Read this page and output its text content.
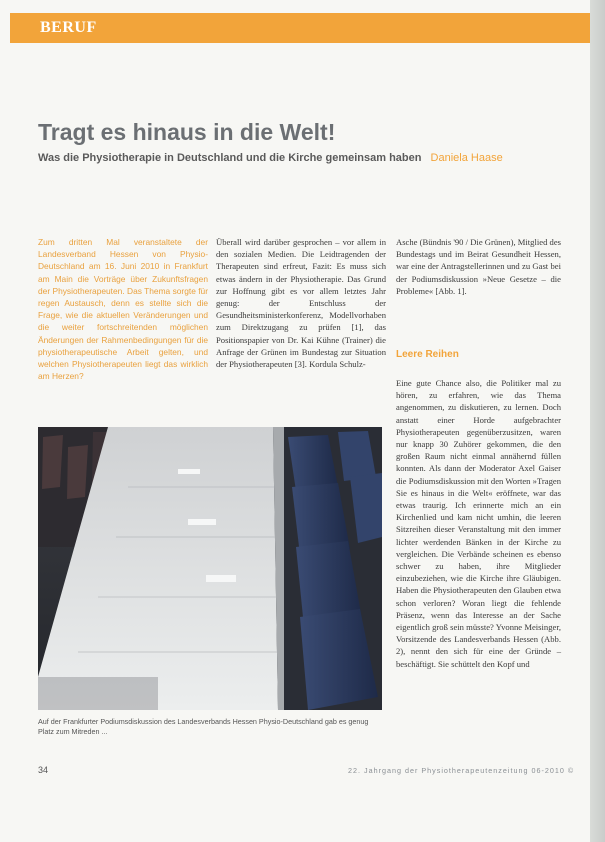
BERUF
Tragt es hinaus in die Welt!
Was die Physiotherapie in Deutschland und die Kirche gemeinsam haben Daniela Haase
Zum dritten Mal veranstaltete der Landesverband Hessen von Physio-Deutschland am 16. Juni 2010 in Frankfurt am Main die Vorträge über Zukunftsfragen der Physiotherapeuten. Das Thema sorgte für regen Austausch, denn es stellte sich die Frage, wie die aktuellen Veränderungen und die weiter fortschreitenden möglichen Änderungen der Rahmenbedingungen für die physiotherapeutische Arbeit gelten, und welchen Physiotherapeuten liegt das wirklich am Herzen?
Überall wird darüber gesprochen – vor allem in den sozialen Medien. Die Leidtragenden der Therapeuten sind erfreut, Fazit: Es muss sich etwas ändern in der Physiotherapie. Das Grund zur Hoffnung gibt es vor allem letztes Jahr genug: der Entschluss der Gesundheitsministerkonferenz, Modellvorhaben zum Direktzugang zu prüfen [1], das Positionspapier von Dr. Kai Kühne (Trainer) die Anfrage der Grünen im Bundestag zur Situation der Physiotherapeuten [3]. Kordula Schulz-
Asche (Bündnis '90 / Die Grünen), Mitglied des Bundestags und im Beirat Gesundheit Hessen, war eine der Antragstellerinnen und zu Gast bei der Podiumsdiskussion »Neue Gesetze – die Probleme« [Abb. 1].
Leere Reihen
Eine gute Chance also, die Politiker mal zu hören, zu erfahren, wie das Thema angenommen, zu diskutieren, zu lernen. Doch anstatt einer Horde aufgebrachter Physiotherapeuten gegenüberzusitzen, waren nur knapp 30 Zuhörer gekommen, die den großen Raum nicht einmal annähernd füllen konnten. Als dann der Moderator Axel Gaiser die Podiumsdiskussion mit den Worten »Tragen Sie es hinaus in die Welt« eröffnete, war das etwas traurig. Ich erinnerte mich an ein Kirchenlied und kam nicht umhin, die leeren Sitzreihen dieser Veranstaltung mit den immer lichter werdenden Bänken in der Kirche zu vergleichen. Die Verbände scheinen es ebenso schwer zu haben, ihre Mitglieder einzubeziehen, wie die Kirche ihre Gläubigen. Haben die Physiotherapeuten den Glauben etwa schon verloren? Woran liegt die fehlende Präsenz, wenn das Interesse an der Sache eigentlich groß sein müsste? Yvonne Meisinger, Vorsitzende des Landesverbands Hessen (Abb. 2), nennt den sich für eine der Gründe – beschäftigt. Sie schüttelt den Kopf und
Auf der Frankfurter Podiumsdiskussion des Landesverbands Hessen Physio-Deutschland gab es genug Platz zum Mitreden ...
34	22. Jahrgang der Physiotherapeutenzeitung 06-2010 ©
